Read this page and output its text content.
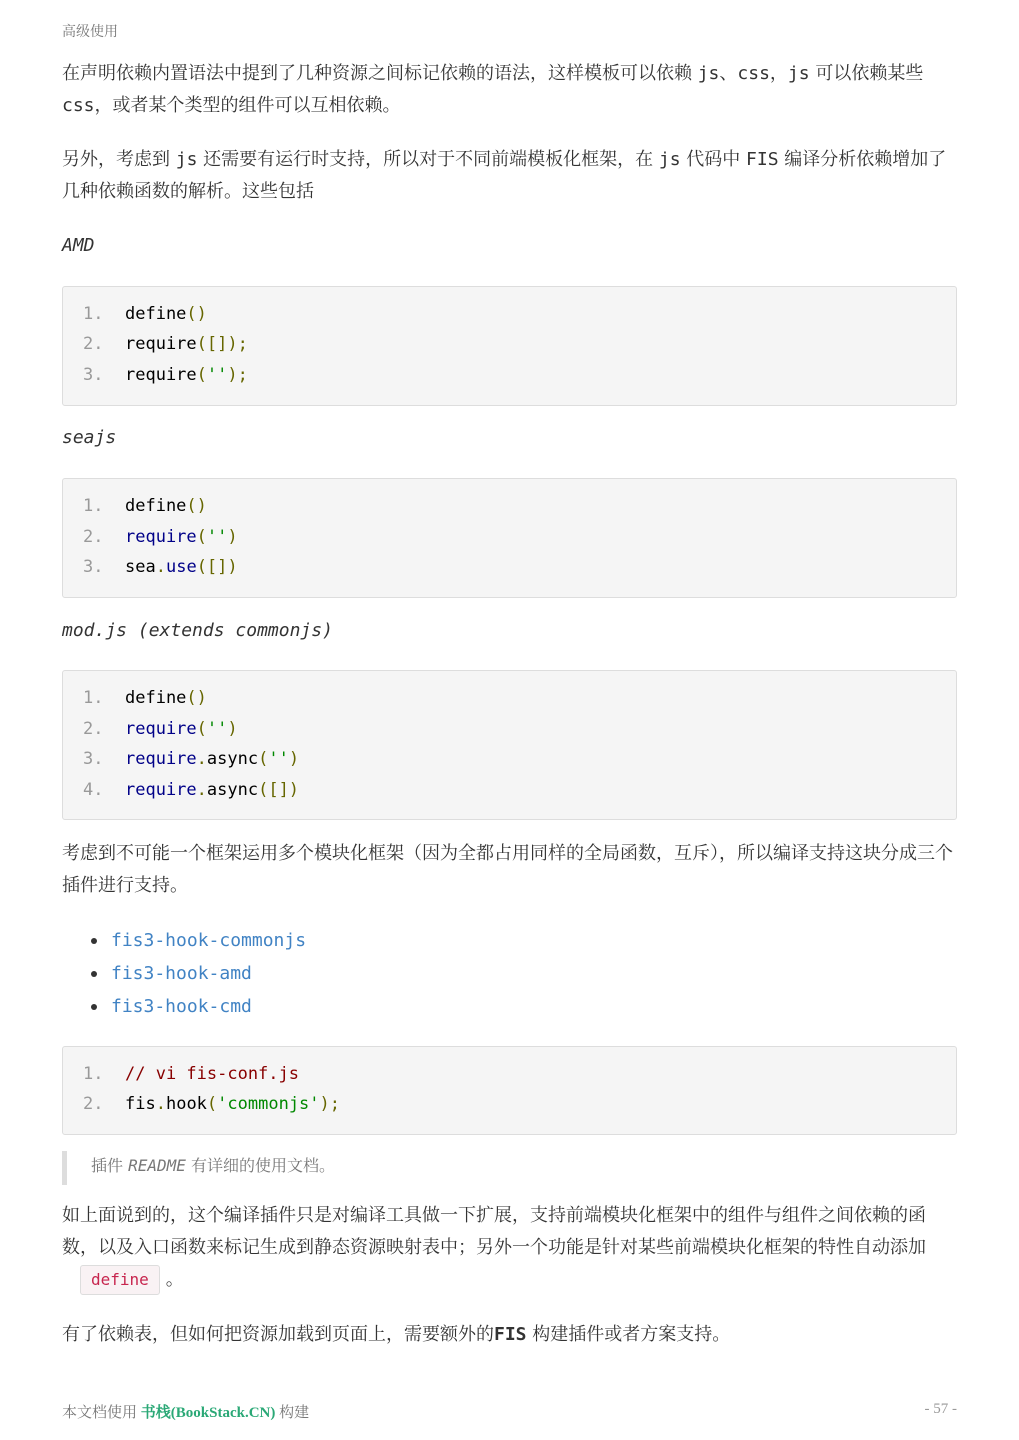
高级使用

在声明依赖内置语法中提到了几种资源之间标记依赖的语法，这样模板可以依赖 js、css，js 可以依赖某些 css，或者某个类型的组件可以互相依赖。

另外，考虑到 js 还需要有运行时支持，所以对于不同前端模板化框架，在 js 代码中 FIS 编译分析依赖增加了几种依赖函数的解析。这些包括

AMD
1.	define()
2.	require([]);
3.	require('');
seajs
1.	define()
2.	require('')
3.	sea.use([])
mod.js (extends commonjs)
1.	define()
2.	require('')
3.	require.async('')
4.	require.async([])

考虑到不可能一个框架运用多个模块化框架（因为全都占用同样的全局函数，互斥），所以编译支持这块分成三个插件进行支持。

fis3-hook-commonjs
fis3-hook-amd
fis3-hook-cmd
1.	// vi fis-conf.js
2.	fis.hook('commonjs');
插件 README 有详细的使用文档。

如上面说到的，这个编译插件只是对编译工具做一下扩展，支持前端模块化框架中的组件与组件之间依赖的函数，以及入口函数来标记生成到静态资源映射表中；另外一个功能是针对某些前端模块化框架的特性自动添加define 。

有了依赖表，但如何把资源加载到页面上，需要额外的FIS 构建插件或者方案支持。

本文档使用 书栈(BookStack.CN) 构建	- 57 -
